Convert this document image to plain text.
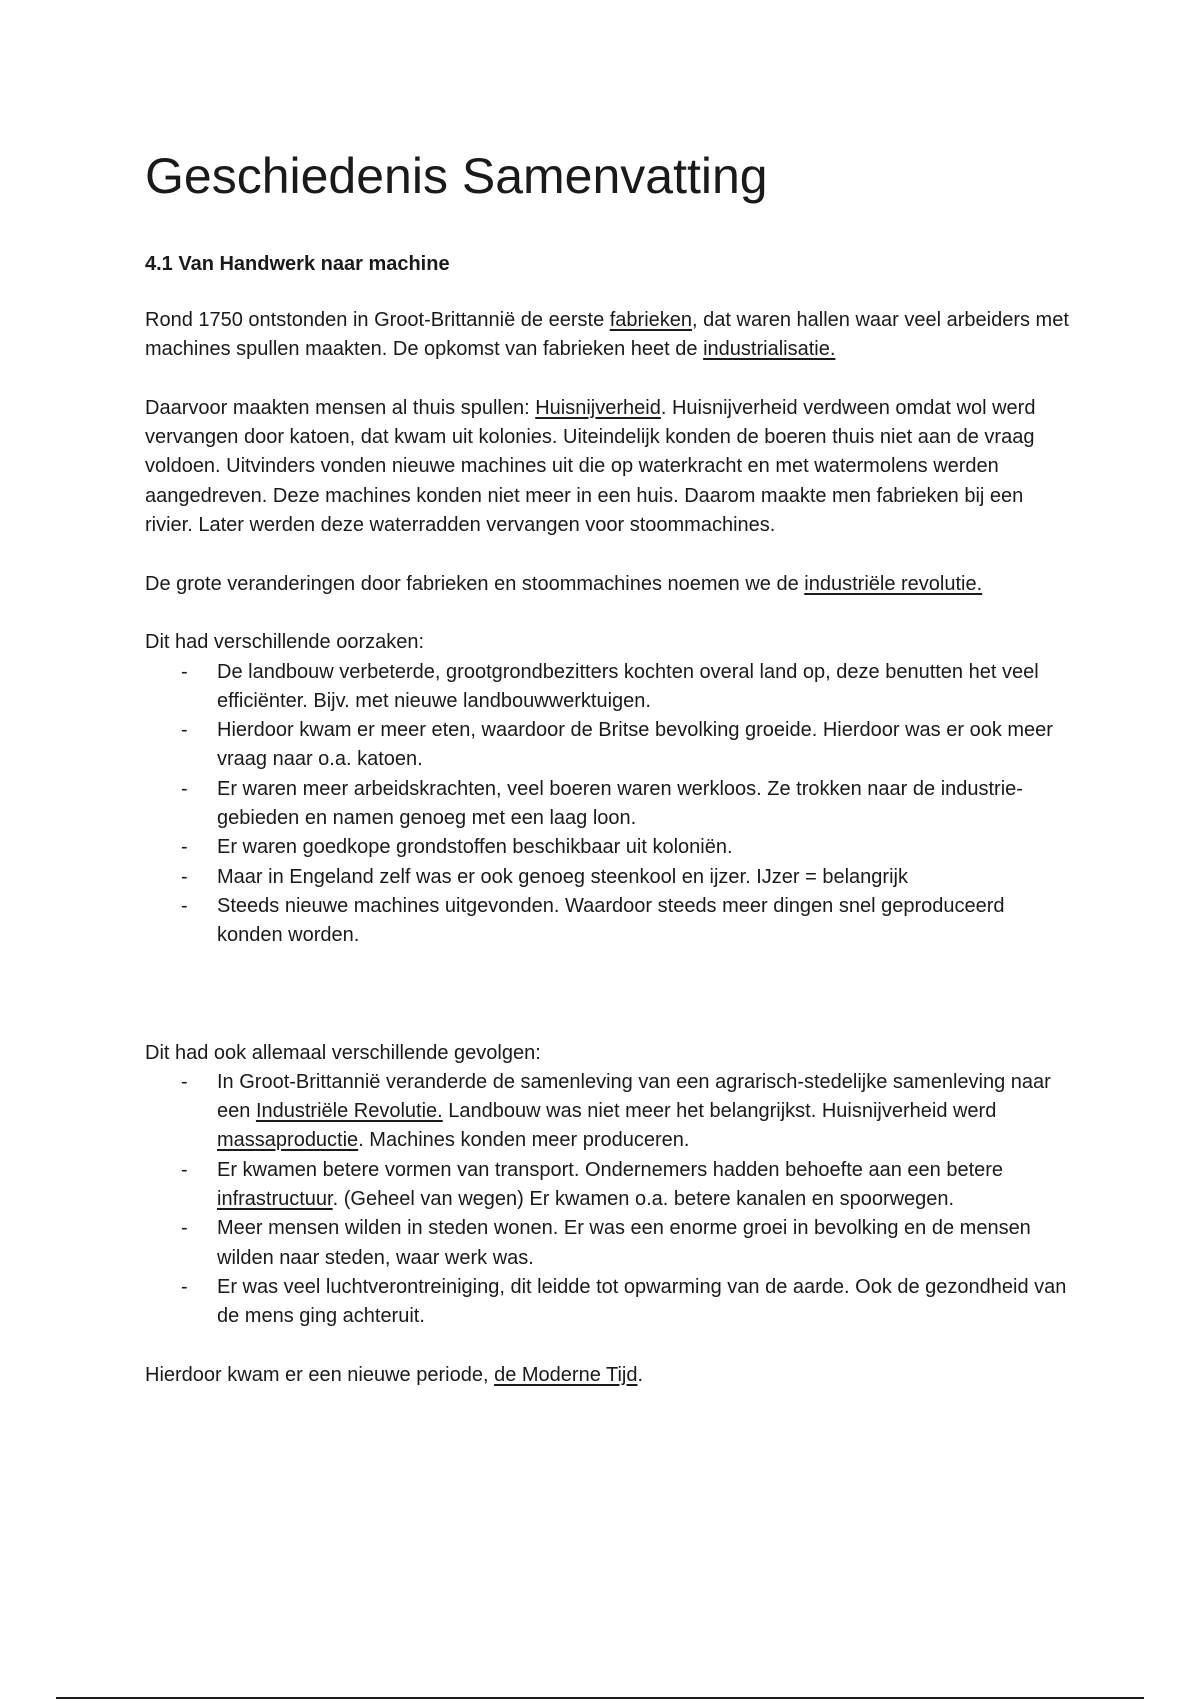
Geschiedenis Samenvatting
4.1 Van Handwerk naar machine

Rond 1750 ontstonden in Groot-Brittannië de eerste fabrieken, dat waren hallen waar veel arbeiders met machines spullen maakten. De opkomst van fabrieken heet de industrialisatie.

Daarvoor maakten mensen al thuis spullen: Huisnijverheid. Huisnijverheid verdween omdat wol werd vervangen door katoen, dat kwam uit kolonies. Uiteindelijk konden de boeren thuis niet aan de vraag voldoen. Uitvinders vonden nieuwe machines uit die op waterkracht en met watermolens werden aangedreven. Deze machines konden niet meer in een huis. Daarom maakte men fabrieken bij een rivier. Later werden deze waterradden vervangen voor stoommachines.

De grote veranderingen door fabrieken en stoommachines noemen we de industriële revolutie.

Dit had verschillende oorzaken:

- De landbouw verbeterde, grootgrondbezitters kochten overal land op, deze benutten het veel efficiënter. Bijv. met nieuwe landbouwwerktuigen.
- Hierdoor kwam er meer eten, waardoor de Britse bevolking groeide. Hierdoor was er ook meer vraag naar o.a. katoen.
- Er waren meer arbeidskrachten, veel boeren waren werkloos. Ze trokken naar de industrie-gebieden en namen genoeg met een laag loon.
- Er waren goedkope grondstoffen beschikbaar uit koloniën.
- Maar in Engeland zelf was er ook genoeg steenkool en ijzer. IJzer = belangrijk
- Steeds nieuwe machines uitgevonden. Waardoor steeds meer dingen snel geproduceerd konden worden.

Dit had ook allemaal verschillende gevolgen:

- In Groot-Brittannië veranderde de samenleving van een agrarisch-stedelijke samenleving naar een Industriële Revolutie. Landbouw was niet meer het belangrijkst. Huisnijverheid werd massaproductie. Machines konden meer produceren.
- Er kwamen betere vormen van transport. Ondernemers hadden behoefte aan een betere infrastructuur. (Geheel van wegen) Er kwamen o.a. betere kanalen en spoorwegen.
- Meer mensen wilden in steden wonen. Er was een enorme groei in bevolking en de mensen wilden naar steden, waar werk was.
- Er was veel luchtverontreiniging, dit leidde tot opwarming van de aarde. Ook de gezondheid van de mens ging achteruit.

Hierdoor kwam er een nieuwe periode, de Moderne Tijd.
